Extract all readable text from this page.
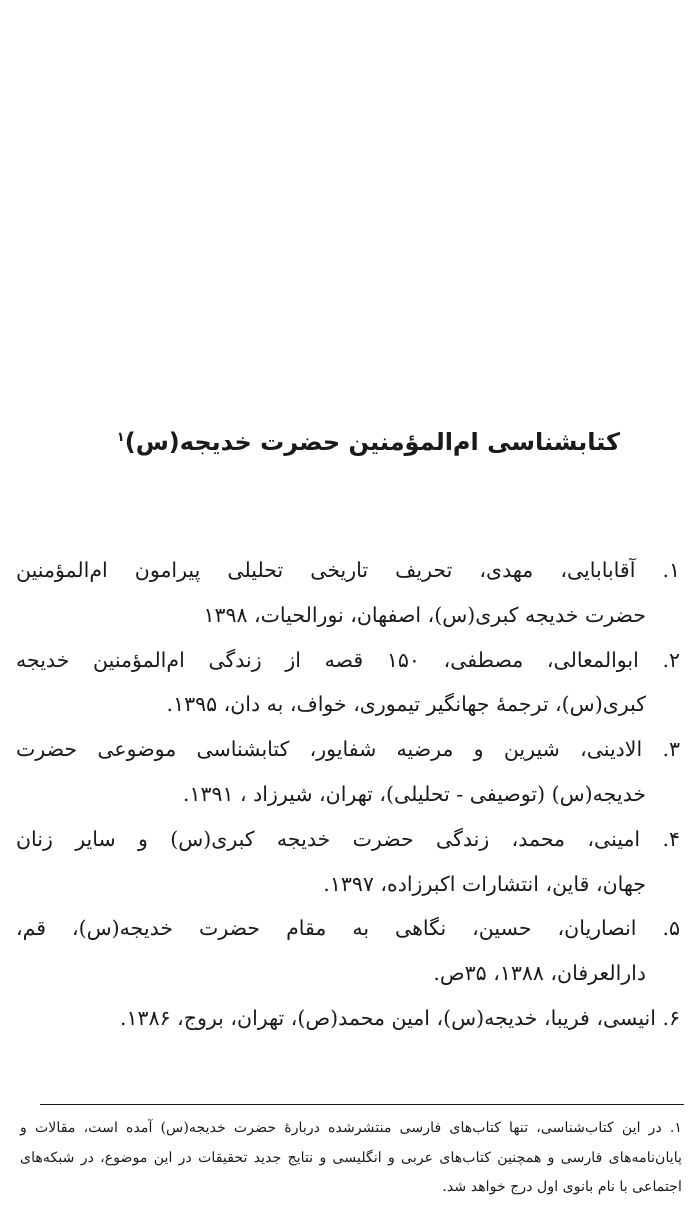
کتابشناسی ام‌المؤمنین حضرت خدیجه(س)$^۱$
۱. آقابابایی، مهدی، تحریف تاریخی تحلیلی پیرامون ام‌المؤمنین
حضرت خدیجه کبری(س)، اصفهان، نورالحیات، ۱۳۹۸
۲. ابوالمعالی، مصطفی، ۱۵۰ قصه از زندگی ام‌المؤمنین خدیجه
کبری(س)، ترجمهٔ جهانگیر تیموری، خواف، به دان، ۱۳۹۵.
۳. الادینی، شیرین و مرضیه شفایور، کتابشناسی موضوعی حضرت
خدیجه(س) (توصیفی - تحلیلی)، تهران، شیرزاد ، ۱۳۹۱.
۴. امینی، محمد، زندگی حضرت خدیجه کبری(س) و سایر زنان
جهان، قاین، انتشارات اکبرزاده، ۱۳۹۷.
۵. انصاریان، حسین، نگاهی به مقام حضرت خدیجه(س)، قم،
دارالعرفان، ۱۳۸۸، ۳۵ص.
۶. انیسی، فریبا، خدیجه(س)، امین محمد(ص)، تهران، بروج، ۱۳۸۶.

۱. در این کتاب‌شناسی، تنها کتاب‌های فارسی منتشرشده دربارهٔ حضرت خدیجه(س) آمده است، مقالات و پایان‌نامه‌های فارسی و همچنین کتاب‌های عربی و انگلیسی و نتایج جدید تحقیقات در این موضوع، در شبکه‌های اجتماعی با نام بانوی اول درج خواهد شد.
